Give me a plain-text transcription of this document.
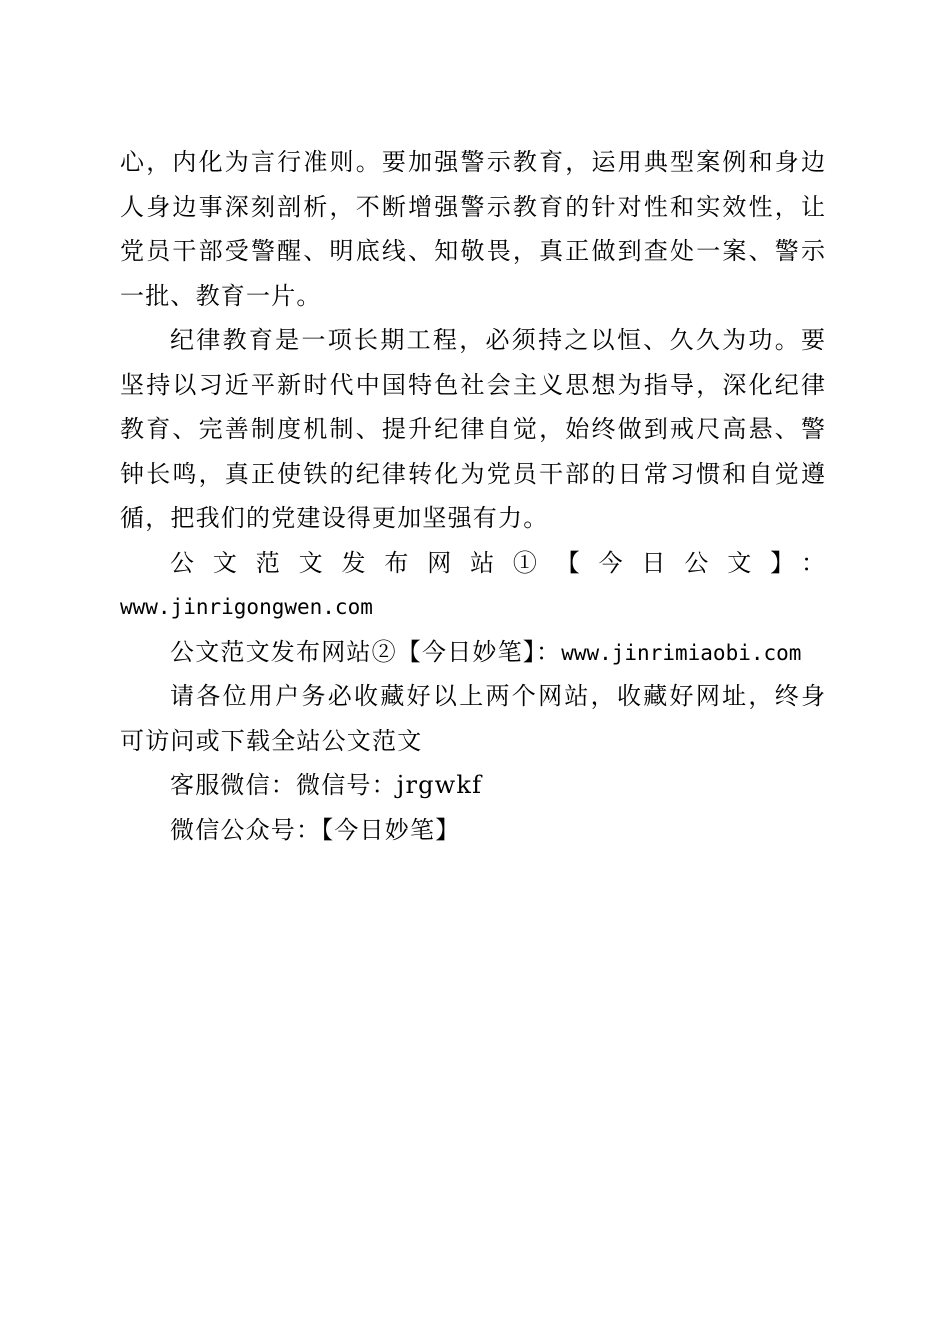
心，内化为言行准则。要加强警示教育，运用典型案例和身边
人身边事深刻剖析，不断增强警示教育的针对性和实效性，让
党员干部受警醒、明底线、知敬畏，真正做到查处一案、警示
一批、教育一片。
纪律教育是一项长期工程，必须持之以恒、久久为功。要
坚持以习近平新时代中国特色社会主义思想为指导，深化纪律
教育、完善制度机制、提升纪律自觉，始终做到戒尺高悬、警
钟长鸣，真正使铁的纪律转化为党员干部的日常习惯和自觉遵
循，把我们的党建设得更加坚强有力。
公文范文发布网站①【今日公文】：
www.jinrigongwen.com
公文范文发布网站②【今日妙笔】：www.jinrimiaobi.com
请各位用户务必收藏好以上两个网站，收藏好网址，终身
可访问或下载全站公文范文
客服微信：微信号：jrgwkf
微信公众号：【今日妙笔】
